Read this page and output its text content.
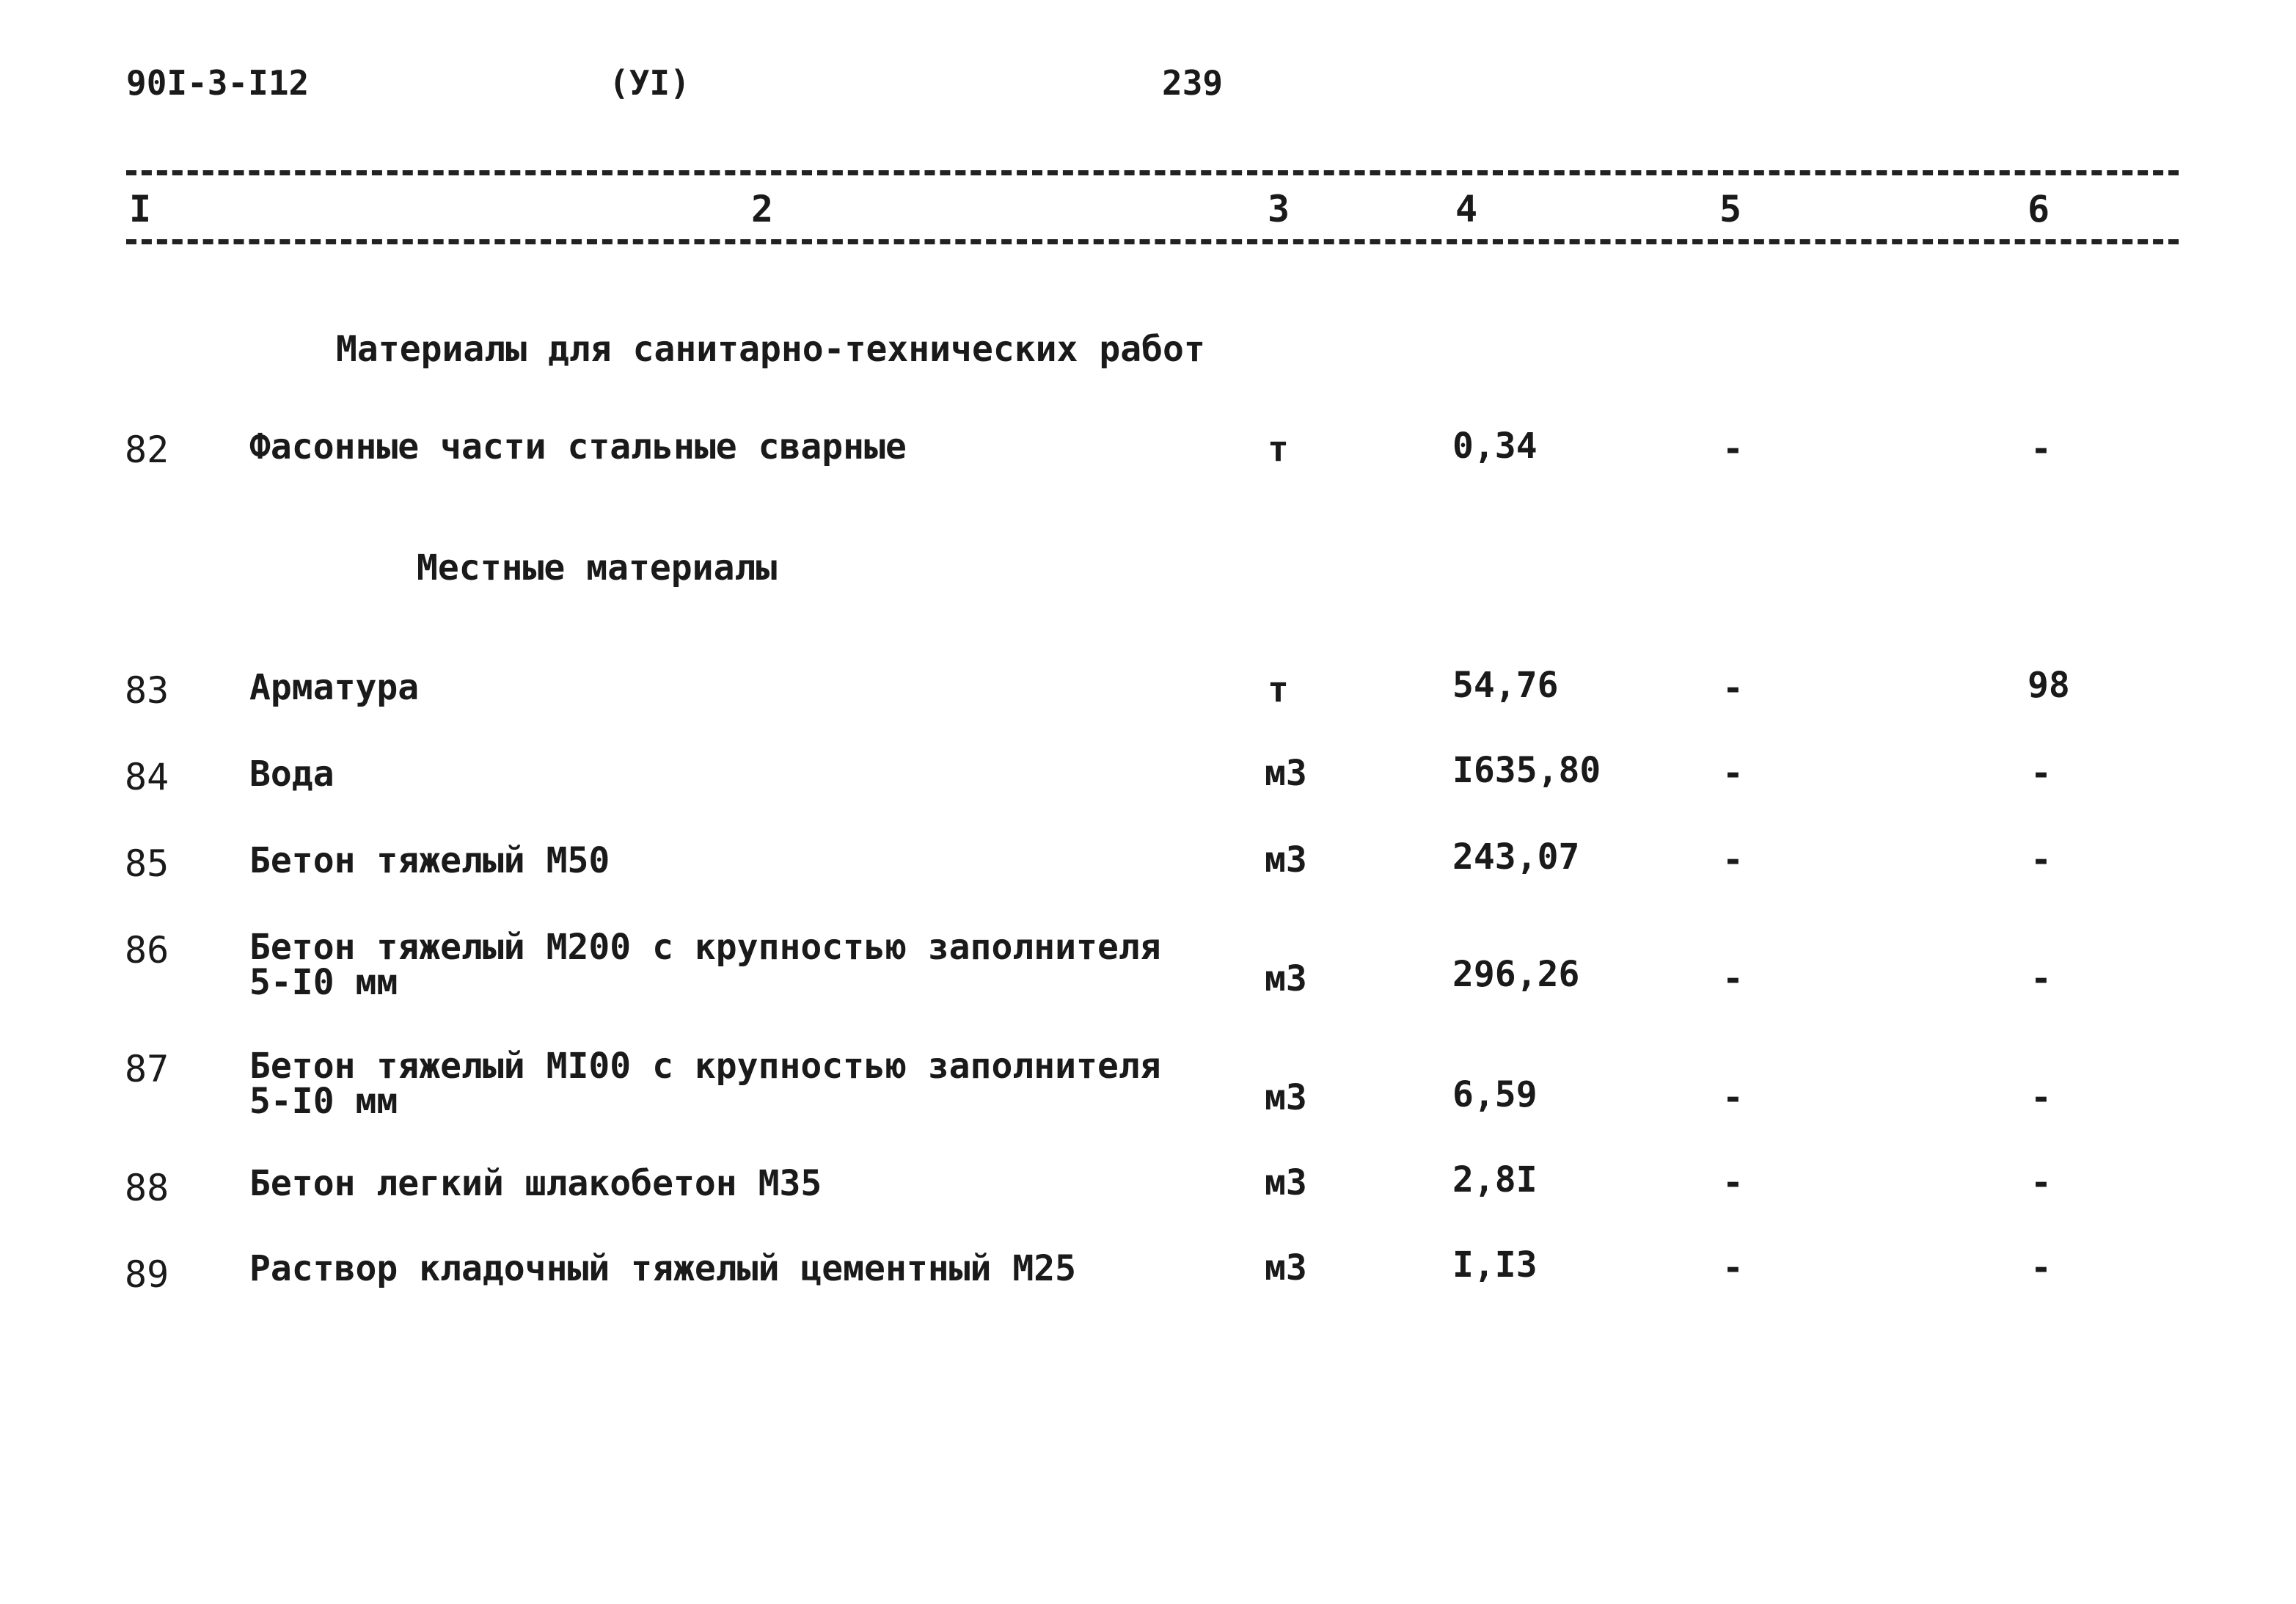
90I-3-I12	(УI)	239
I	2	3	4	5	6
Материалы для санитарно-технических работ
82 Фасонные части стальные сварные	т	0,34	-	-
Местные материалы
83 Арматура	т	54,76	-	98
84 Вода	м3	I635,80	-	-
85 Бетон тяжелый М50	м3	243,07	-	-
86 Бетон тяжелый М200 с крупностью заполнителя
5-I0 мм	м3	296,26	-	-
87 Бетон тяжелый МI00 с крупностью заполнителя
5-I0 мм	м3	6,59	-	-
88 Бетон легкий шлакобетон М35	м3	2,8I	-	-
89 Раствор кладочный тяжелый цементный М25	м3	I,I3	-	-
